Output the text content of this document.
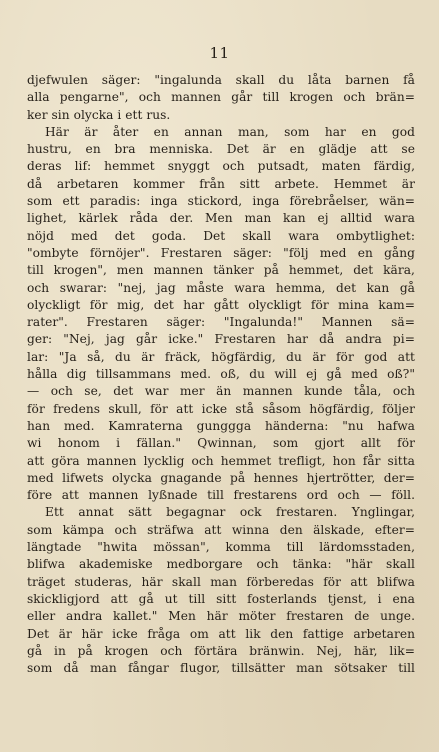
11
djefwulen säger: "ingalunda skall du låta barnen få
alla pengarne", och mannen går till krogen och brän=
ker sin olycka i ett rus.
Här är åter en annan man, som har en god
hustru, en bra menniska. Det är en glädje att se
deras lif: hemmet snyggt och putsadt, maten färdig,
då arbetaren kommer från sitt arbete. Hemmet är
som ett paradis: inga stickord, inga förebråelser, wän=
lighet, kärlek råda der. Men man kan ej alltid wara
nöjd med det goda. Det skall wara ombytlighet:
"ombyte förnöjer". Frestaren säger: "följ med en gång
till krogen", men mannen tänker på hemmet, det kära,
och swarar: "nej, jag måste wara hemma, det kan gå
olyckligt för mig, det har gått olyckligt för mina kam=
rater". Frestaren säger: "Ingalunda!" Mannen sä=
ger: "Nej, jag går icke." Frestaren har då andra pi=
lar: "Ja så, du är fräck, högfärdig, du är för god att
hålla dig tillsammans med. oß, du will ej gå med oß?"
— och se, det war mer än mannen kunde tåla, och
för fredens skull, för att icke stå såsom högfärdig, följer
han med. Kamraterna gunggga händerna: "nu hafwa
wi honom i fällan." Qwinnan, som gjort allt för
att göra mannen lycklig och hemmet trefligt, hon får sitta
med lifwets olycka gnagande på hennes hjertrötter, der=
före att mannen lyßnade till frestarens ord och — föll.
Ett annat sätt begagnar ock frestaren. Ynglingar,
som kämpa och sträfwa att winna den älskade, efter=
längtade "hwita mössan", komma till lärdomsstaden,
blifwa akademiske medborgare och tänka: "här skall
träget studeras, här skall man förberedas för att blifwa
skickligjord att gå ut till sitt fosterlands tjenst, i ena
eller andra kallet." Men här möter frestaren de unge.
Det är här icke fråga om att lik den fattige arbetaren
gå in på krogen och förtära bränwin. Nej, här, lik=
som då man fångar flugor, tillsätter man sötsaker till
